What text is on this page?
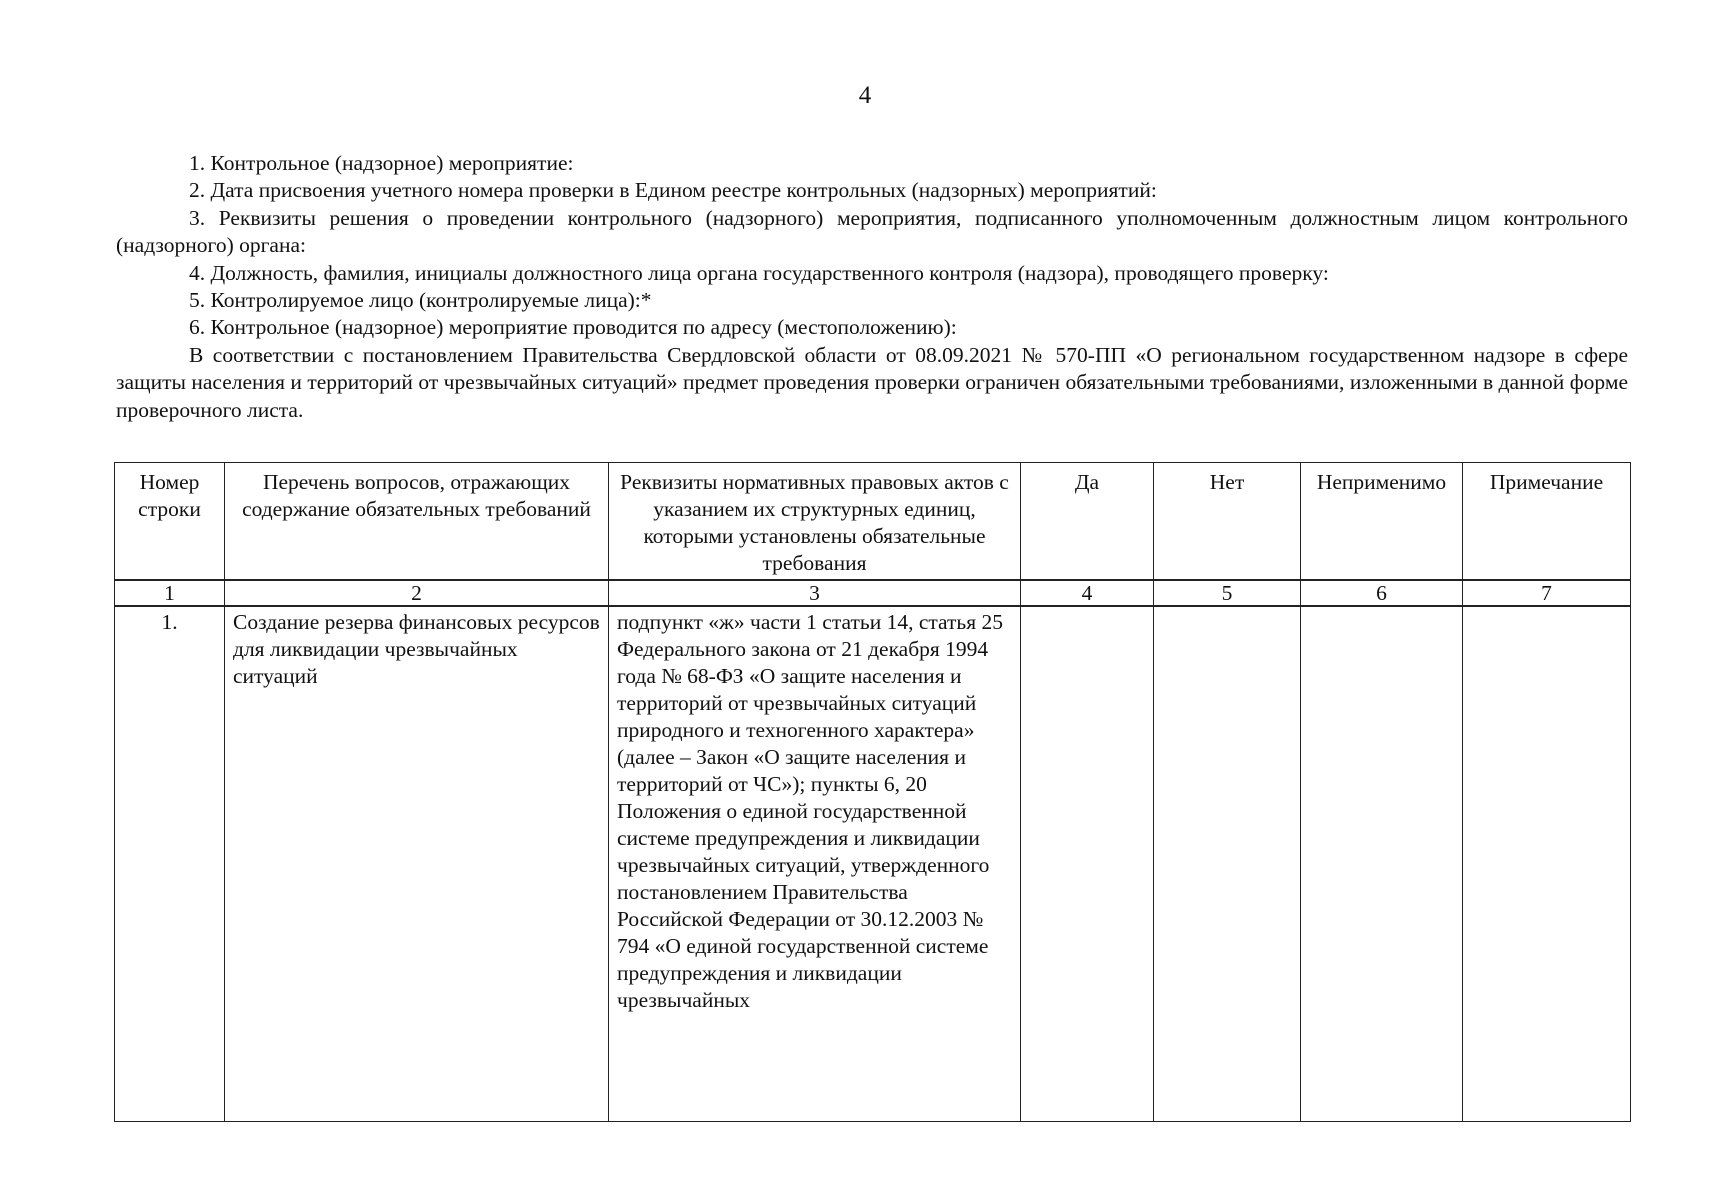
4

1. Контрольное (надзорное) мероприятие:

2. Дата присвоения учетного номера проверки в Едином реестре контрольных (надзорных) мероприятий:

3. Реквизиты решения о проведении контрольного (надзорного) мероприятия, подписанного уполномоченным должностным лицом контрольного (надзорного) органа:

4. Должность, фамилия, инициалы должностного лица органа государственного контроля (надзора), проводящего проверку:

5. Контролируемое лицо (контролируемые лица):*

6. Контрольное (надзорное) мероприятие проводится по адресу (местоположению):

В соответствии с постановлением Правительства Свердловской области от 08.09.2021 № 570-ПП «О региональном государственном надзоре в сфере защиты населения и территорий от чрезвычайных ситуаций» предмет проведения проверки ограничен обязательными требованиями, изложенными в данной форме проверочного листа.

Номер строки	Перечень вопросов, отражающих содержание обязательных требований	Реквизиты нормативных правовых актов с указанием их структурных единиц, которыми установлены обязательные требования	Да	Нет	Неприменимо	Примечание
1	2	3	4	5	6	7
1.	Создание резерва финансовых ресурсов для ликвидации чрезвычайных ситуаций	подпункт «ж» части 1 статьи 14, статья 25 Федерального закона от 21 декабря 1994 года № 68-ФЗ «О защите населения и территорий от чрезвычайных ситуаций природного и техногенного характера» (далее – Закон «О защите населения и территорий от ЧС»); пункты 6, 20 Положения о единой государственной системе предупреждения и ликвидации чрезвычайных ситуаций, утвержденного постановлением Правительства Российской Федерации от 30.12.2003 № 794 «О единой государственной системе предупреждения и ликвидации чрезвычайных				
